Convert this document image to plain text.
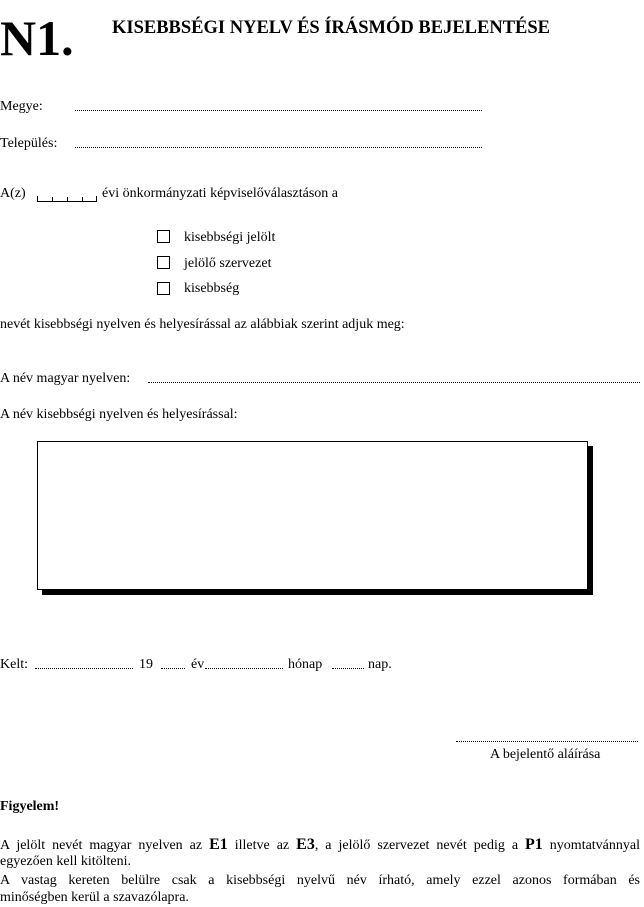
N1. KISEBBSÉGI NYELV ÉS ÍRÁSMÓD BEJELENTÉSE
Megye:
Település:
A(z)	évi önkormányzati képviselőválasztáson a
kisebbségi jelölt
jelölő szervezet
kisebbség
nevét kisebbségi nyelven és helyesírással az alábbiak szerint adjuk meg:
A név magyar nyelven:
A név kisebbségi nyelven és helyesírással:
Kelt:	19	év	hónap	nap.
A bejelentő aláírása
Figyelem!
A jelölt nevét magyar nyelven az E1 illetve az E3, a jelölő szervezet nevét pedig a P1 nyomtatvánnyal
egyezően kell kitölteni.
A vastag kereten belülre csak a kisebbségi nyelvű név írható, amely ezzel azonos formában és
minőségben kerül a szavazólapra.
